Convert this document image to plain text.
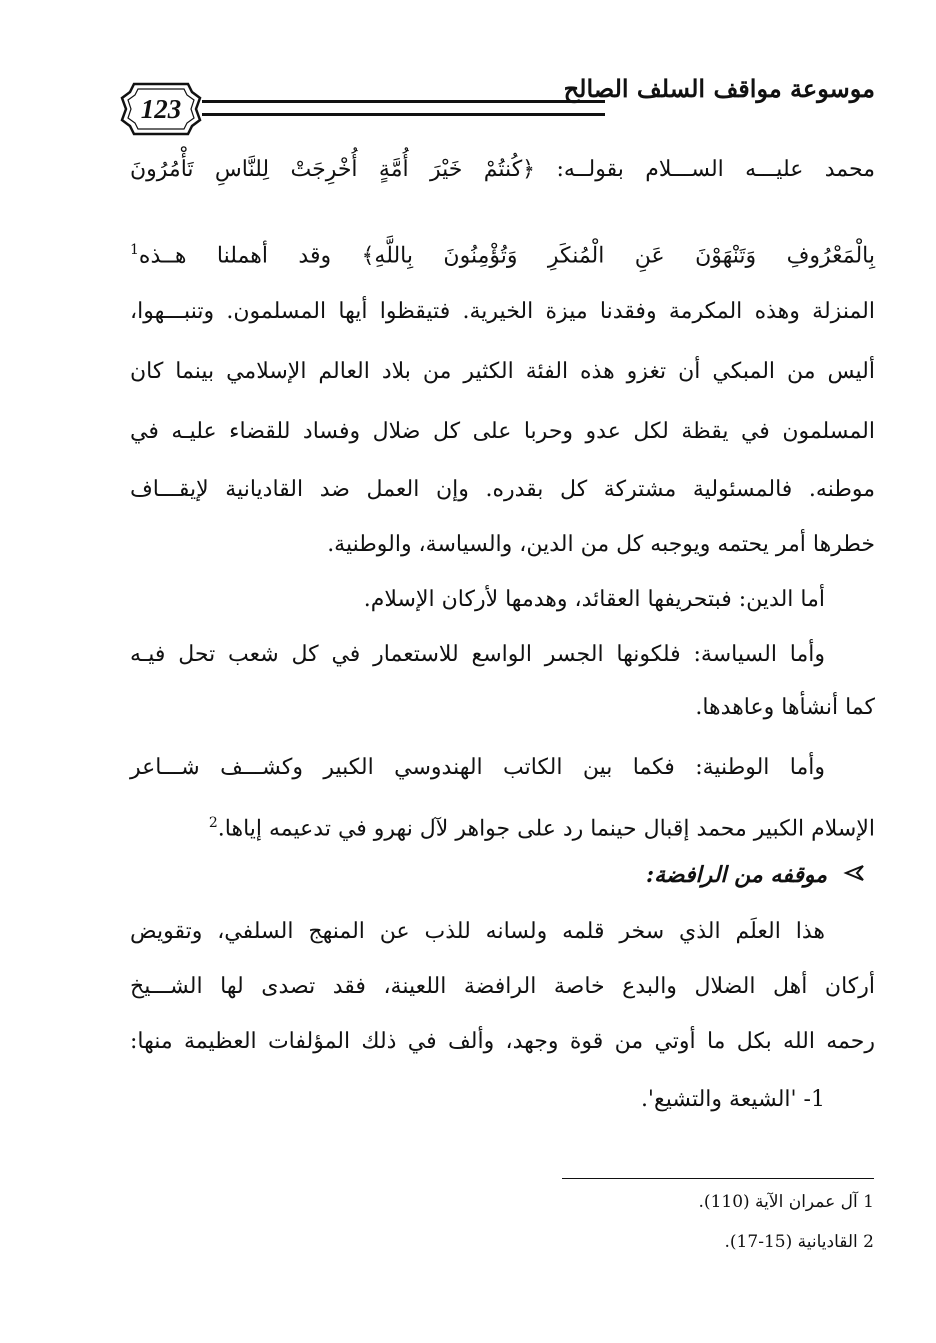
123
موسوعة مواقف السلف الصالح
محمد عليـــه الســـلام بقولــه: ﴿كُنتُمْ خَيْرَ أُمَّةٍ أُخْرِجَتْ لِلنَّاسِ تَأْمُرُونَ
بِالْمَعْرُوفِ وَتَنْهَوْنَ عَنِ الْمُنكَرِ وَتُؤْمِنُونَ بِاللَّهِ﴾ وقد أهملنا هــذه$^1$
المنزلة وهذه المكرمة وفقدنا ميزة الخيرية. فتيقظوا أيها المسلمون. وتنبـــهوا،
أليس من المبكي أن تغزو هذه الفئة الكثير من بلاد العالم الإسلامي بينما كان
المسلمون في يقظة لكل عدو وحربا على كل ضلال وفساد للقضاء عليـه في
موطنه. فالمسئولية مشتركة كل بقدره. وإن العمل ضد القاديانية لإيقـــاف
خطرها أمر يحتمه ويوجبه كل من الدين، والسياسة، والوطنية.
أما الدين: فبتحريفها العقائد، وهدمها لأركان الإسلام.
وأما السياسة: فلكونها الجسر الواسع للاستعمار في كل شعب تحل فيـه
كما أنشأها وعاهدها.
وأما الوطنية: فكما بين الكاتب الهندوسي الكبير وكشـــف شـــاعر
الإسلام الكبير محمد إقبال حينما رد على جواهر لآل نهرو في تدعيمه إياها.$^2$
موقفه من الرافضة:
هذا العلَم الذي سخر قلمه ولسانه للذب عن المنهج السلفي، وتقويض
أركان أهل الضلال والبدع خاصة الرافضة اللعينة، فقد تصدى لها الشـــيخ
رحمه الله بكل ما أوتي من قوة وجهد، وألف في ذلك المؤلفات العظيمة منها:
1- 'الشيعة والتشيع'.
1 آل عمران الآية (110).
2 القاديانية (15-17).
